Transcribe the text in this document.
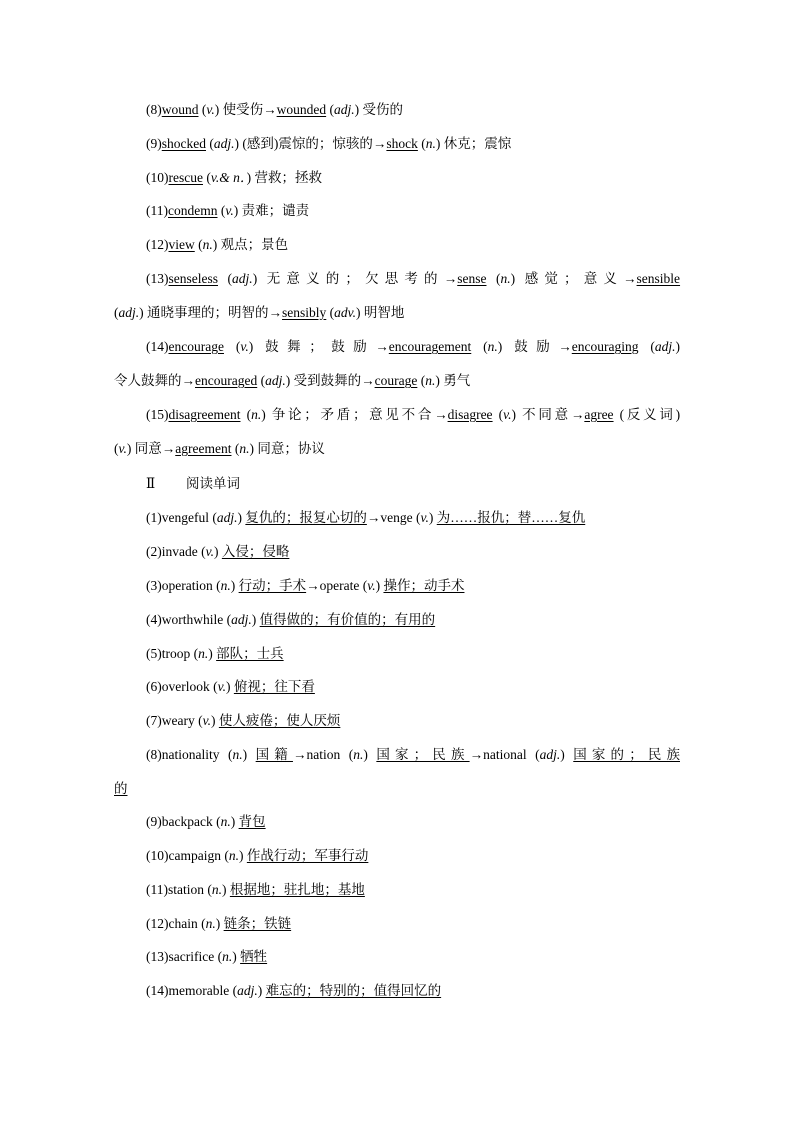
(8)wound (v.) 使受伤→wounded (adj.) 受伤的
(9)shocked (adj.) (感到)震惊的；惊骇的→shock (n.) 休克；震惊
(10)rescue (v.& n．) 营救；拯救
(11)condemn (v.) 责难；谴责
(12)view (n.) 观点；景色
(13)senseless (adj.) 无意义的；欠思考的→sense (n.) 感觉；意义→sensible
(adj.) 通晓事理的；明智的→sensibly (adv.) 明智地
(14)encourage (v.) 鼓舞；鼓励→encouragement (n.) 鼓励→encouraging (adj.)
令人鼓舞的→encouraged (adj.) 受到鼓舞的→courage (n.) 勇气
(15)disagreement (n.) 争论；矛盾；意见不合→disagree (v.) 不同意→agree (反义词)
(v.) 同意→agreement (n.) 同意；协议
Ⅱ 阅读单词
(1)vengeful (adj.) 复仇的；报复心切的→venge (v.) 为……报仇；替……复仇
(2)invade (v.) 入侵；侵略
(3)operation (n.) 行动；手术→operate (v.) 操作；动手术
(4)worthwhile (adj.) 值得做的；有价值的；有用的
(5)troop (n.) 部队；士兵
(6)overlook (v.) 俯视；往下看
(7)weary (v.) 使人疲倦；使人厌烦
(8)nationality (n.) 国籍→nation (n.) 国家；民族→national (adj.) 国家的；民族
的
(9)backpack (n.) 背包
(10)campaign (n.) 作战行动；军事行动
(11)station (n.) 根据地；驻扎地；基地
(12)chain (n.) 链条；铁链
(13)sacrifice (n.) 牺牲
(14)memorable (adj.) 难忘的；特别的；值得回忆的
